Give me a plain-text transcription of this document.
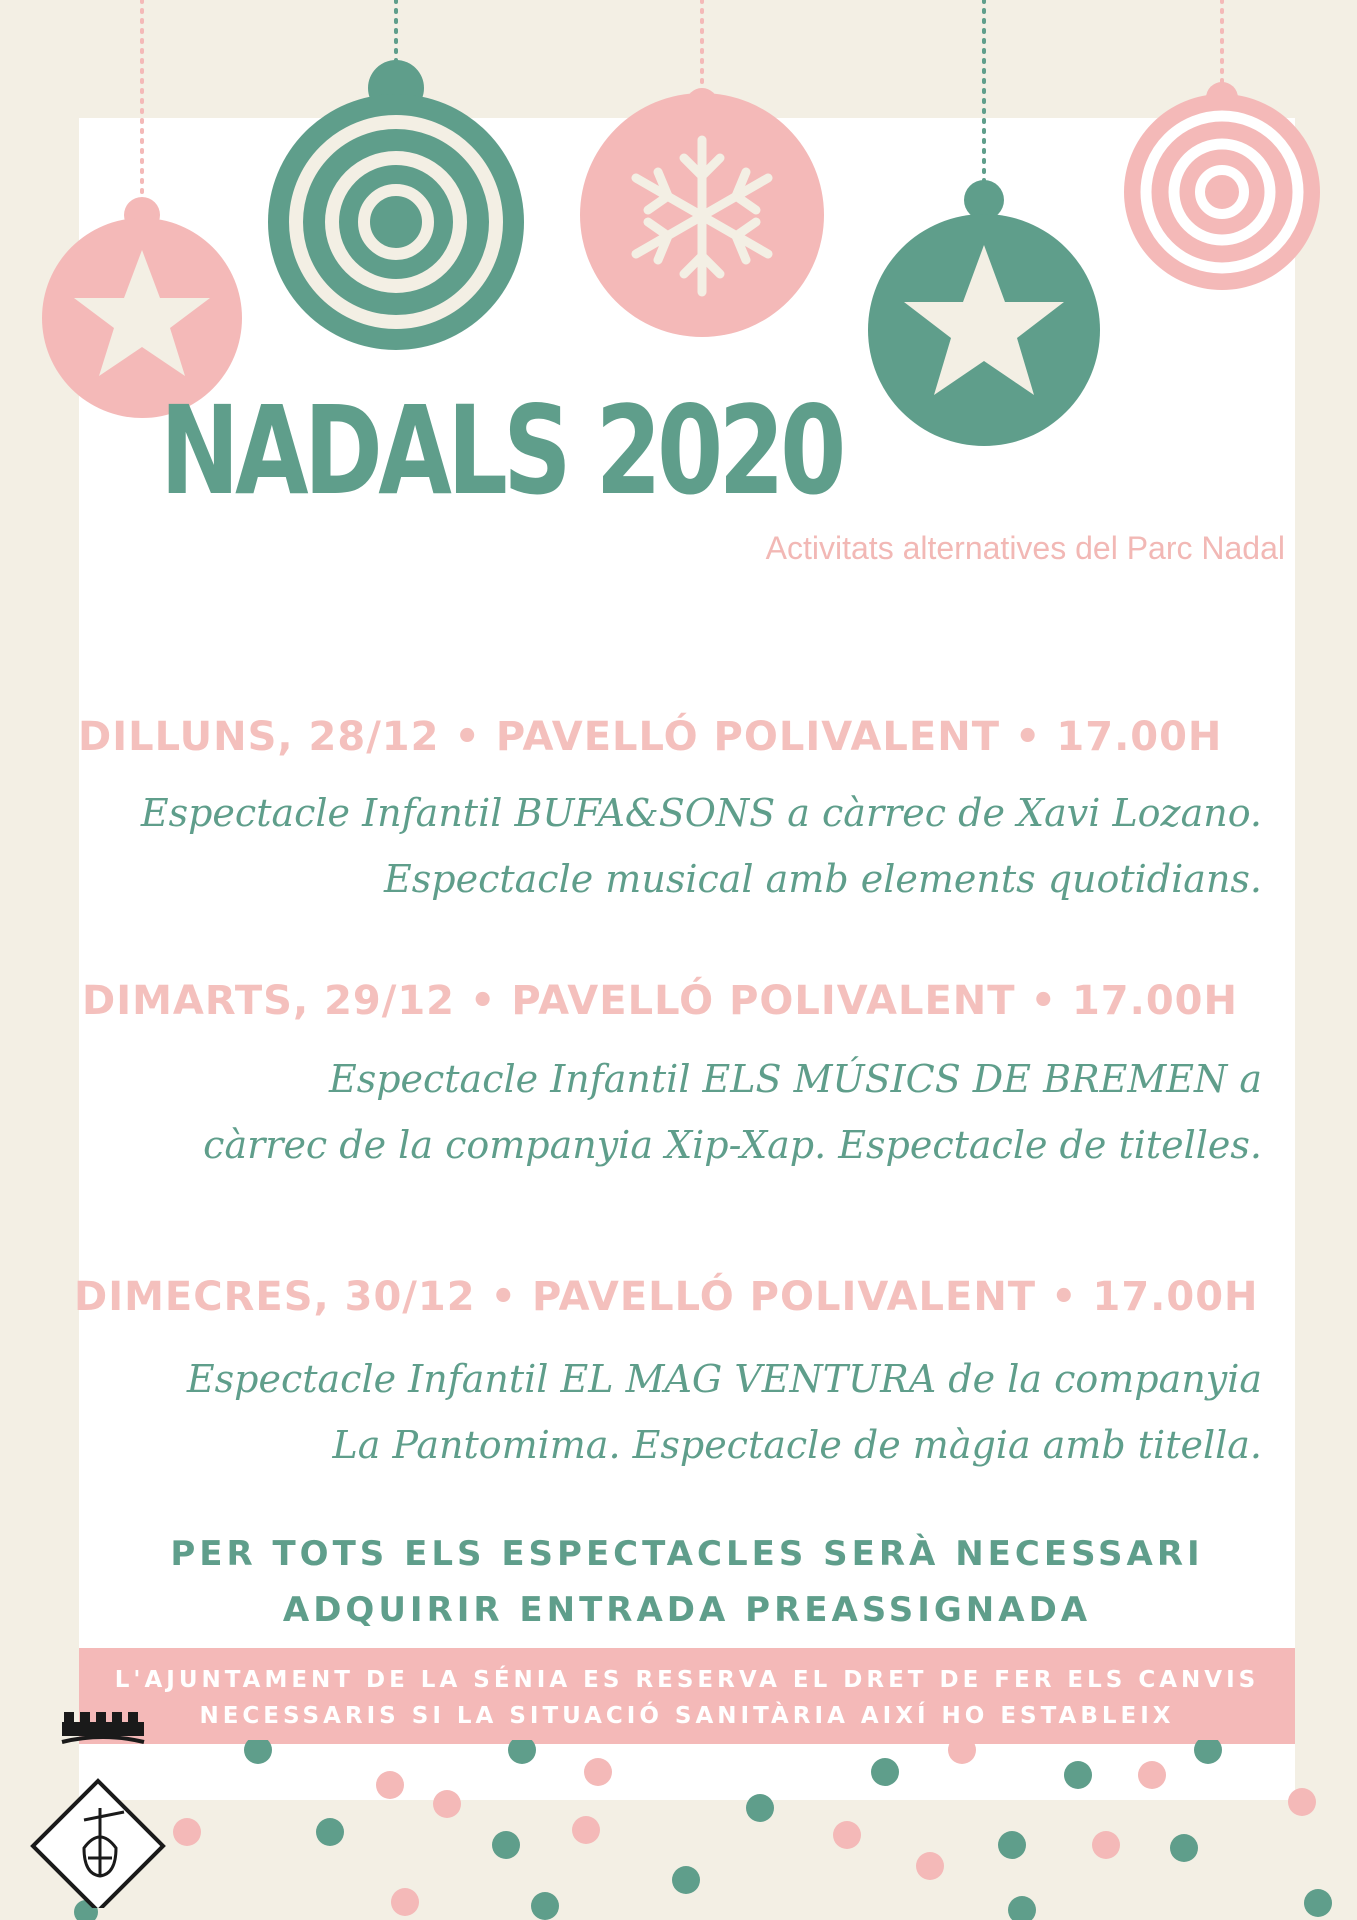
NADALS 2020
Activitats alternatives del Parc Nadal
DILLUNS, 28/12 • PAVELLÓ POLIVALENT • 17.00H
Espectacle Infantil BUFA&SONS a càrrec de Xavi Lozano.
Espectacle musical amb elements quotidians.
DIMARTS, 29/12 • PAVELLÓ POLIVALENT • 17.00H
Espectacle Infantil ELS MÚSICS DE BREMEN a
càrrec de la companyia Xip-Xap. Espectacle de titelles.
DIMECRES, 30/12 • PAVELLÓ POLIVALENT • 17.00H
Espectacle Infantil EL MAG VENTURA de la companyia
La Pantomima. Espectacle de màgia amb titella.
PER TOTS ELS ESPECTACLES SERÀ NECESSARI
ADQUIRIR ENTRADA PREASSIGNADA
L'AJUNTAMENT DE LA SÉNIA ES RESERVA EL DRET DE FER ELS CANVIS
NECESSARIS SI LA SITUACIÓ SANITÀRIA AIXÍ HO ESTABLEIX
